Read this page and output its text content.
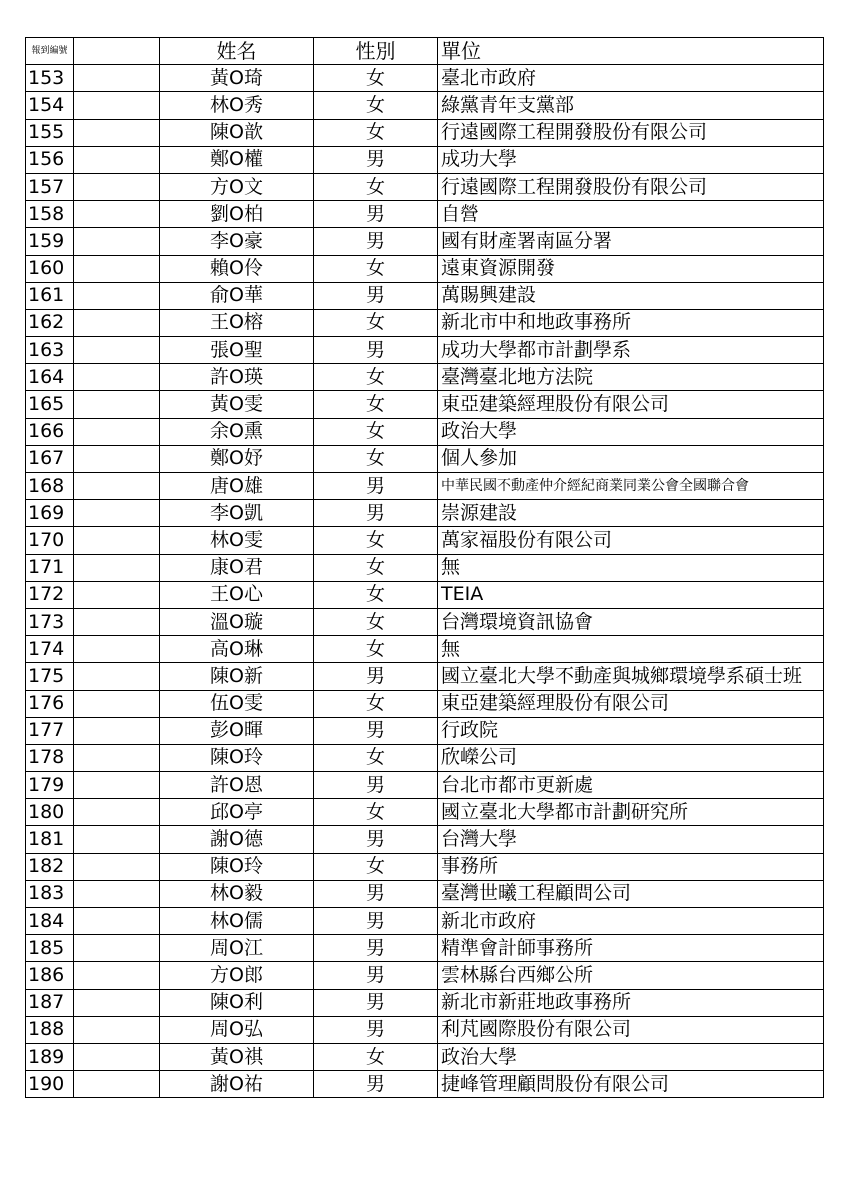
報到編號		姓名	性別	單位
153		黃O琦	女	臺北市政府
154		林O秀	女	綠黨青年支黨部
155		陳O歆	女	行遠國際工程開發股份有限公司
156		鄭O權	男	成功大學
157		方O文	女	行遠國際工程開發股份有限公司
158		劉O柏	男	自營
159		李O豪	男	國有財產署南區分署
160		賴O伶	女	遠東資源開發
161		俞O華	男	萬賜興建設
162		王O榕	女	新北市中和地政事務所
163		張O聖	男	成功大學都市計劃學系
164		許O瑛	女	臺灣臺北地方法院
165		黃O雯	女	東亞建築經理股份有限公司
166		余O熏	女	政治大學
167		鄭O妤	女	個人參加
168		唐O雄	男	中華民國不動產仲介經紀商業同業公會全國聯合會
169		李O凱	男	崇源建設
170		林O雯	女	萬家福股份有限公司
171		康O君	女	無
172		王O心	女	TEIA
173		溫O璇	女	台灣環境資訊協會
174		高O琳	女	無
175		陳O新	男	國立臺北大學不動產與城鄉環境學系碩士班
176		伍O雯	女	東亞建築經理股份有限公司
177		彭O暉	男	行政院
178		陳O玲	女	欣嶸公司
179		許O恩	男	台北市都市更新處
180		邱O亭	女	國立臺北大學都市計劃研究所
181		謝O德	男	台灣大學
182		陳O玲	女	事務所
183		林O毅	男	臺灣世曦工程顧問公司
184		林O儒	男	新北市政府
185		周O江	男	精準會計師事務所
186		方O郎	男	雲林縣台西鄉公所
187		陳O利	男	新北市新莊地政事務所
188		周O弘	男	利芃國際股份有限公司
189		黃O祺	女	政治大學
190		謝O祐	男	捷峰管理顧問股份有限公司
